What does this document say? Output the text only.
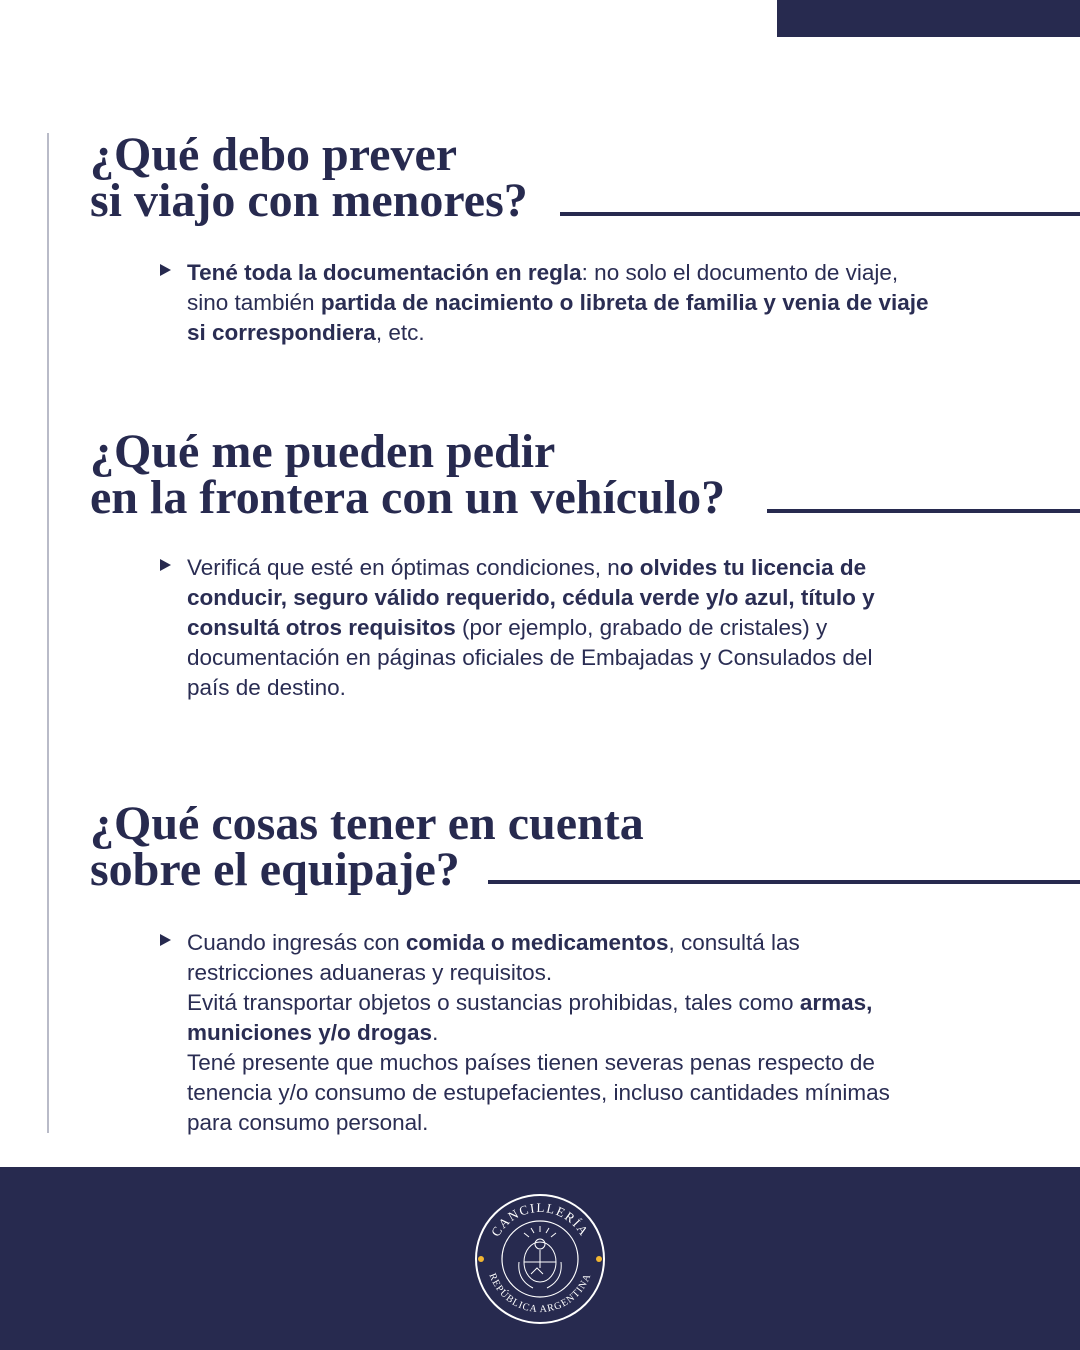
¿Qué debo prever
si viajo con menores?
Tené toda la documentación en regla: no solo el documento de viaje,
sino también partida de nacimiento o libreta de familia y venia de viaje
si correspondiera, etc.
¿Qué me pueden pedir
en la frontera con un vehículo?
Verificá que esté en óptimas condiciones, no olvides tu licencia de
conducir, seguro válido requerido, cédula verde y/o azul, título y
consultá otros requisitos (por ejemplo, grabado de cristales) y
documentación en páginas oficiales de Embajadas y Consulados del
país de destino.
¿Qué cosas tener en cuenta
sobre el equipaje?
Cuando ingresás con comida o medicamentos, consultá las
restricciones aduaneras y requisitos.
Evitá transportar objetos o sustancias prohibidas, tales como armas,
municiones y/o drogas.
Tené presente que muchos países tienen severas penas respecto de
tenencia y/o consumo de estupefacientes, incluso cantidades mínimas
para consumo personal.
CANCILLERÍA
REPÚBLICA ARGENTINA
